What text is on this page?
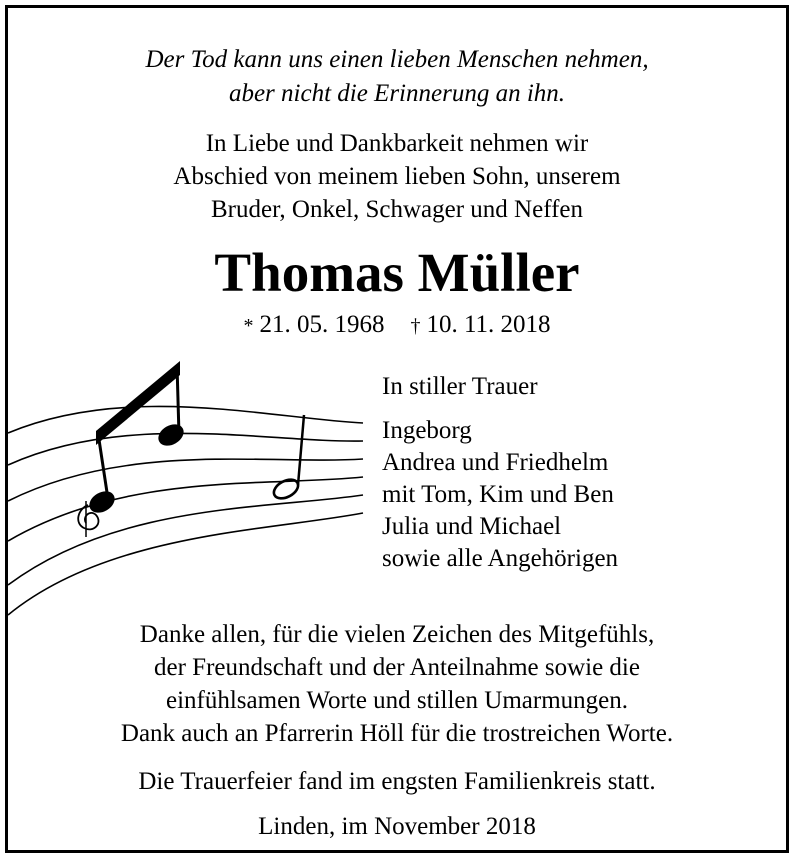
Der Tod kann uns einen lieben Menschen nehmen,
aber nicht die Erinnerung an ihn.
In Liebe und Dankbarkeit nehmen wir
Abschied von meinem lieben Sohn, unserem
Bruder, Onkel, Schwager und Neffen
Thomas Müller
* 21. 05. 1968 † 10. 11. 2018
In stiller Trauer
Ingeborg
Andrea und Friedhelm
mit Tom, Kim und Ben
Julia und Michael
sowie alle Angehörigen
Danke allen, für die vielen Zeichen des Mitgefühls,
der Freundschaft und der Anteilnahme sowie die
einfühlsamen Worte und stillen Umarmungen.
Dank auch an Pfarrerin Höll für die trostreichen Worte.
Die Trauerfeier fand im engsten Familienkreis statt.
Linden, im November 2018
